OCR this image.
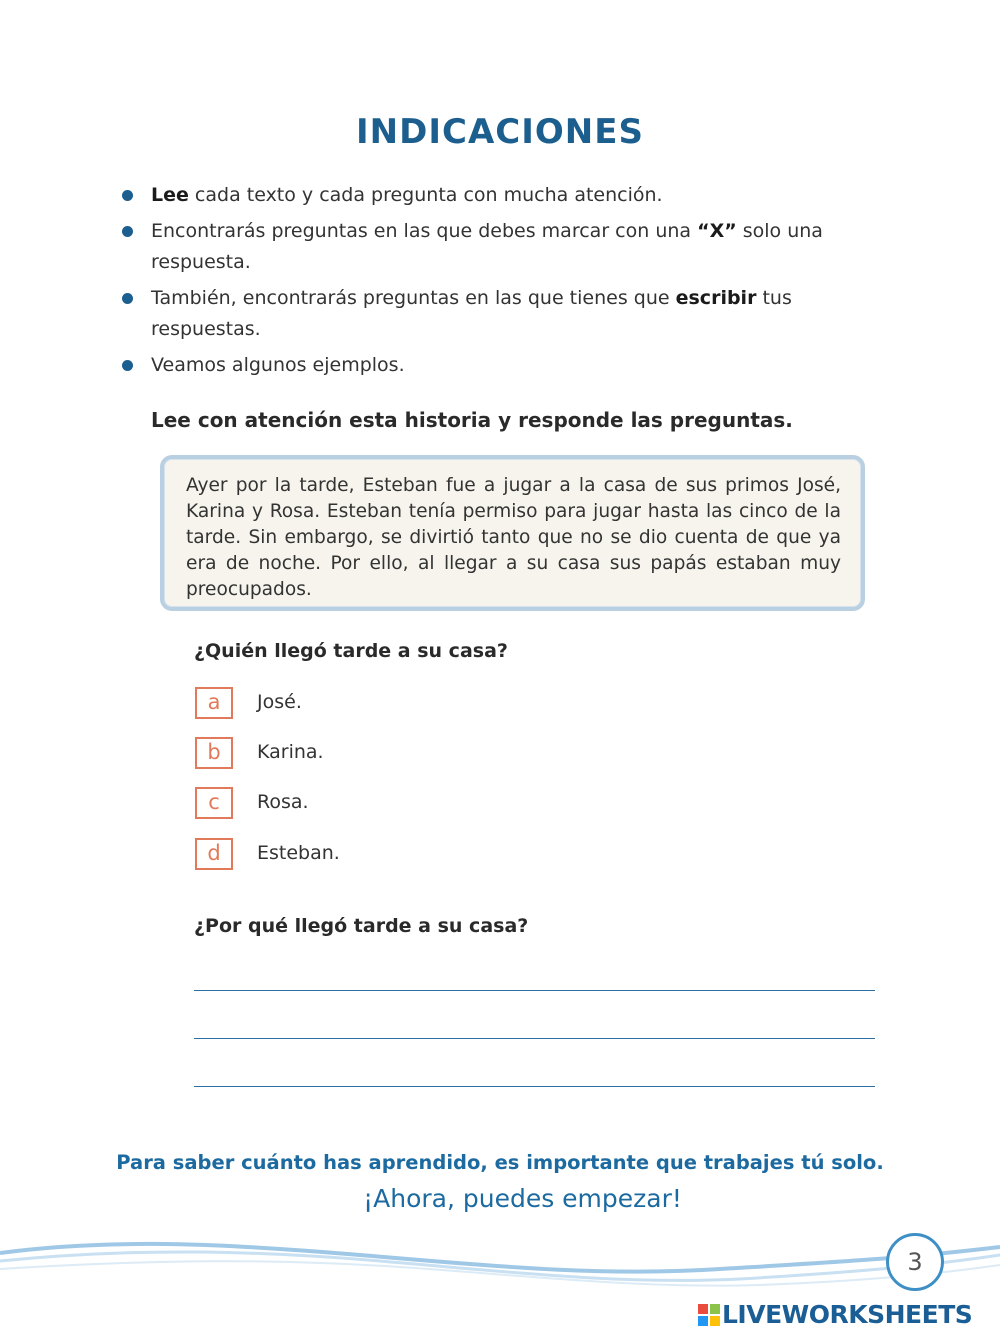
INDICACIONES
Lee cada texto y cada pregunta con mucha atención.
Encontrarás preguntas en las que debes marcar con una “X” solo una respuesta.
También, encontrarás preguntas en las que tienes que escribir tus respuestas.
Veamos algunos ejemplos.
Lee con atención esta historia y responde las preguntas.
Ayer por la tarde, Esteban fue a jugar a la casa de sus primos José, Karina y Rosa. Esteban tenía permiso para jugar hasta las cinco de la tarde. Sin embargo, se divirtió tanto que no se dio cuenta de que ya era de noche. Por ello, al llegar a su casa sus papás estaban muy preocupados.
¿Quién llegó tarde a su casa?
a	José.
b	Karina.
c	Rosa.
d	Esteban.
¿Por qué llegó tarde a su casa?
Para saber cuánto has aprendido, es importante que trabajes tú solo.
¡Ahora, puedes empezar!
3
LIVEWORKSHEETS
